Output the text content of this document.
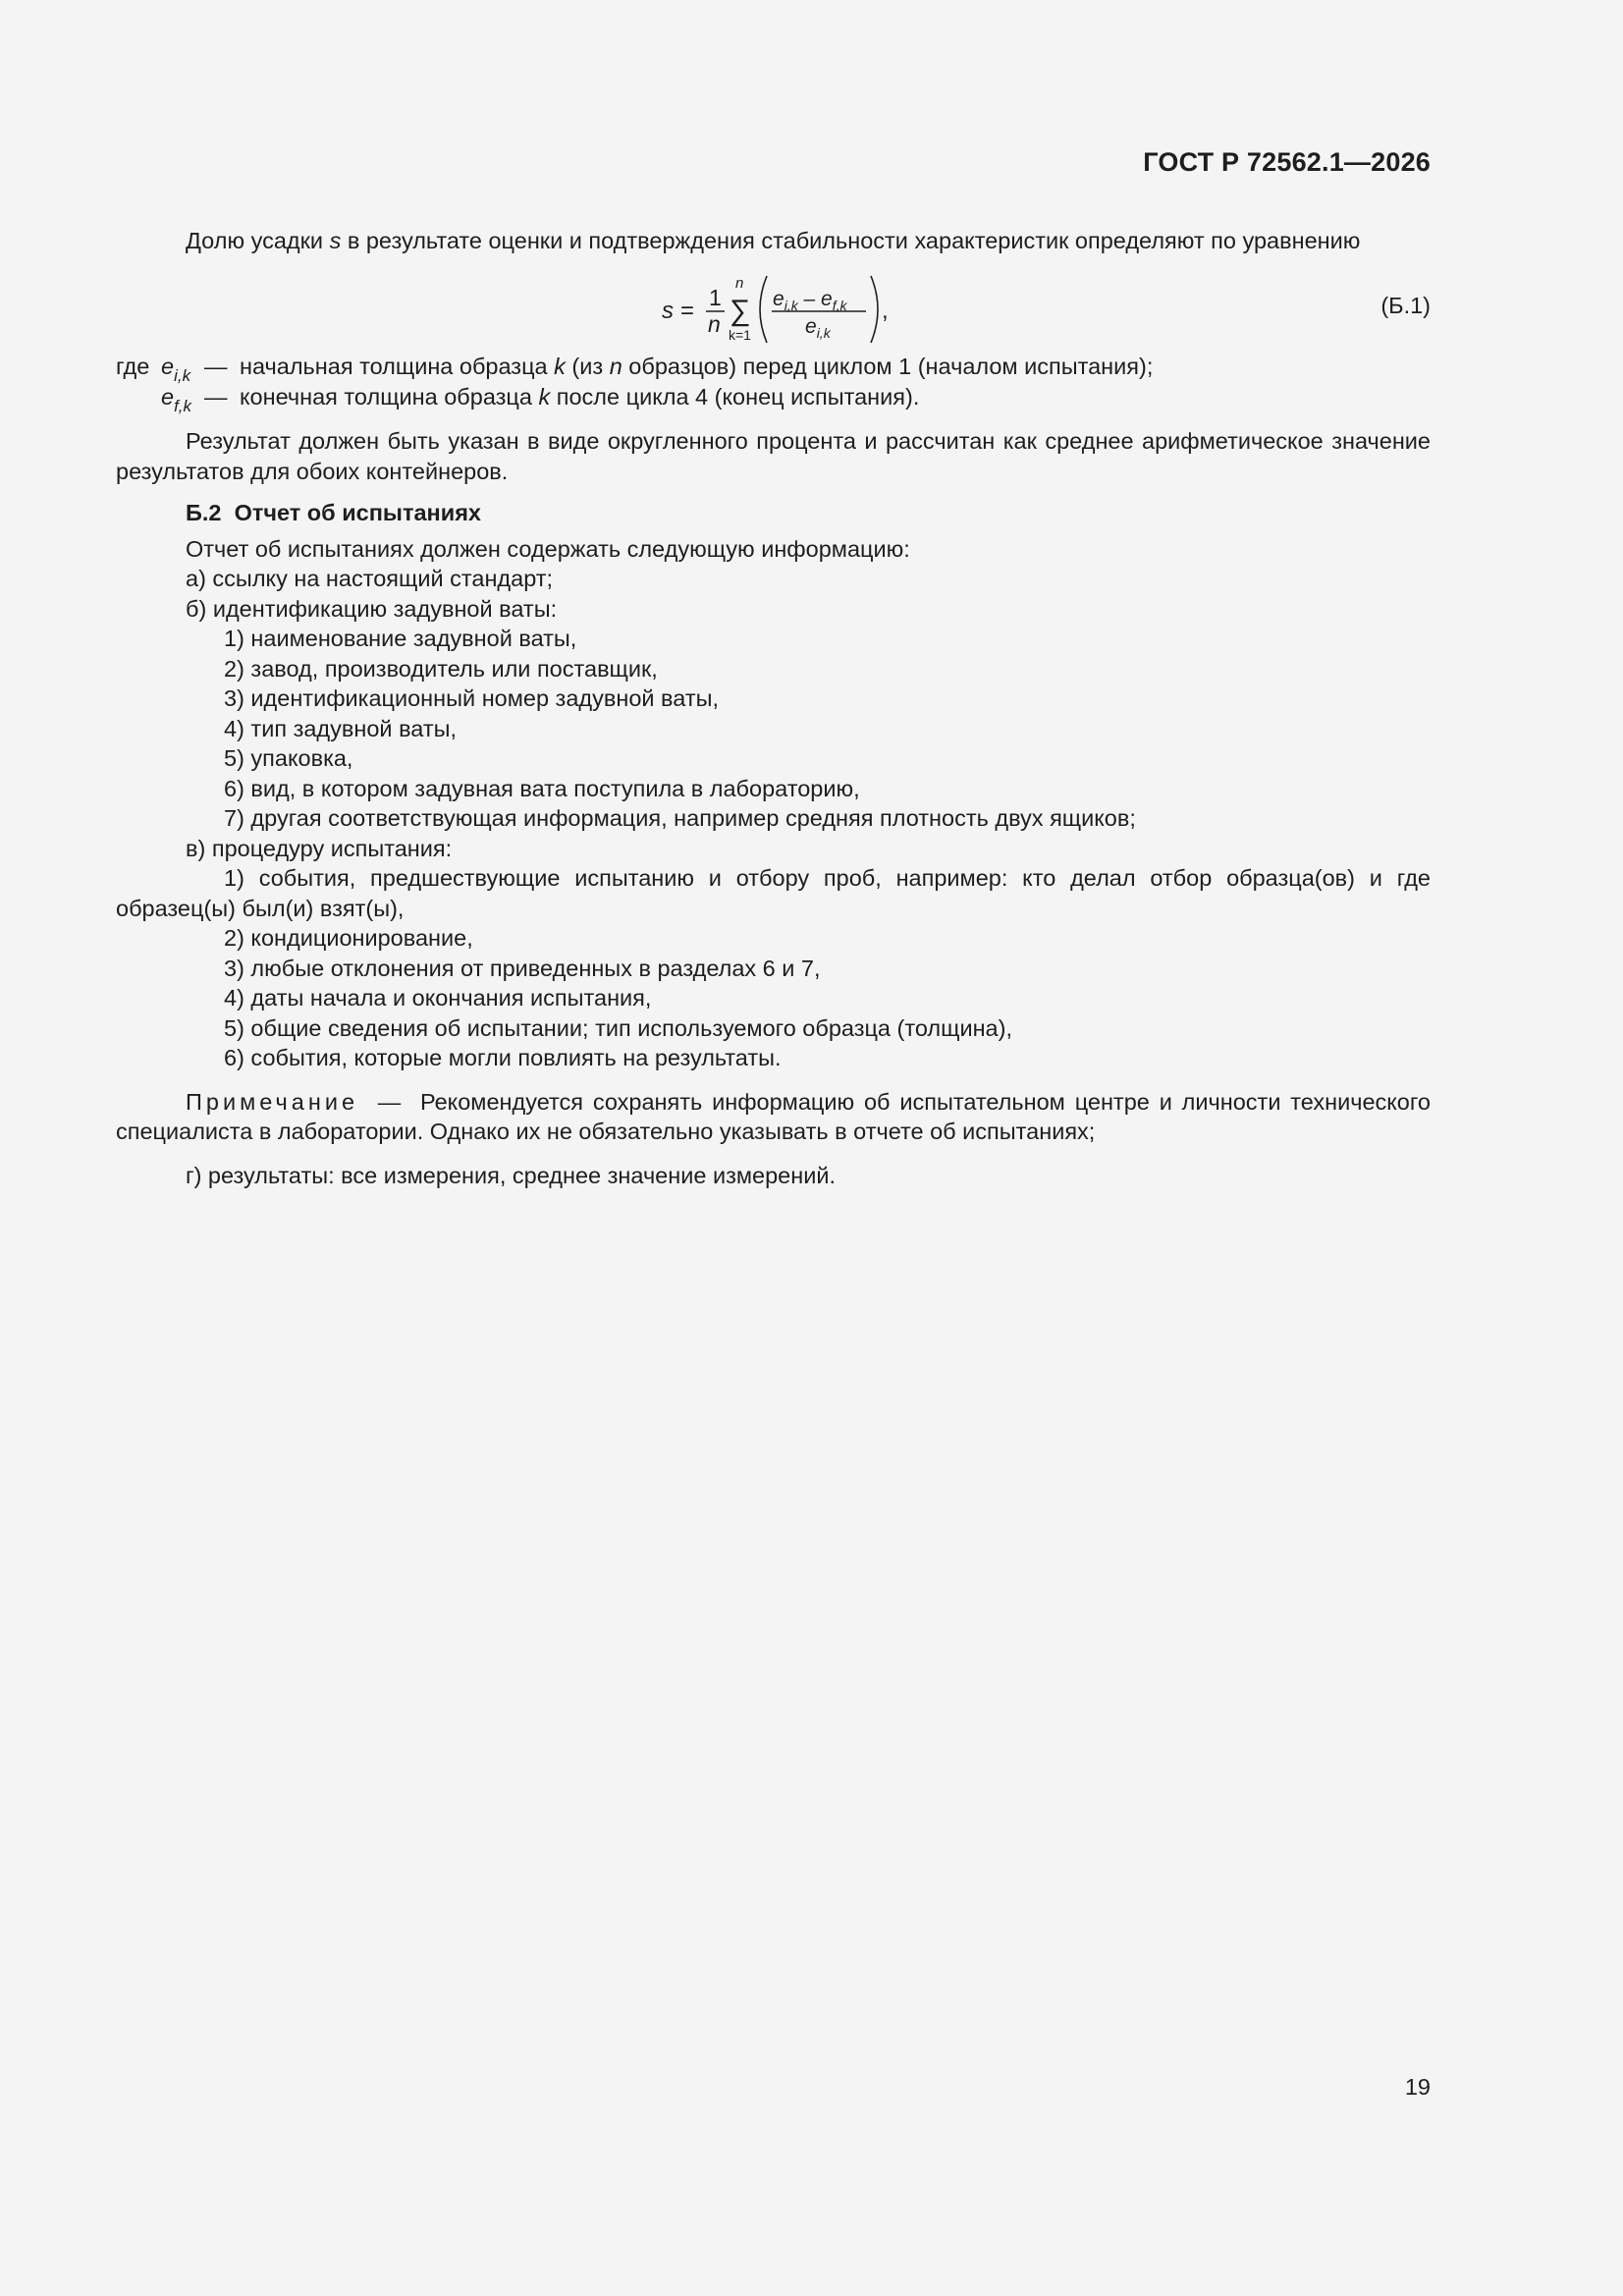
ГОСТ Р 72562.1—2026

Долю усадки s в результате оценки и подтверждения стабильности характеристик определяют по уравнению

s = 1
n
n
∑
k=1
$e_{i,k} - e_{f,k}$
$e_{i,k}$
,	(Б.1)
где $e_{i,k}$ — начальная толщина образца k (из n образцов) перед циклом 1 (началом испытания);
$e_{f,k}$ — конечная толщина образца k после цикла 4 (конец испытания).

Результат должен быть указан в виде округленного процента и рассчитан как среднее арифметическое значение результатов для обоих контейнеров.

Б.2 Отчет об испытаниях

Отчет об испытаниях должен содержать следующую информацию:

а) ссылку на настоящий стандарт;

б) идентификацию задувной ваты:

1) наименование задувной ваты,

2) завод, производитель или поставщик,

3) идентификационный номер задувной ваты,

4) тип задувной ваты,

5) упаковка,

6) вид, в котором задувная вата поступила в лабораторию,

7) другая соответствующая информация, например средняя плотность двух ящиков;

в) процедуру испытания:

1) события, предшествующие испытанию и отбору проб, например: кто делал отбор образца(ов) и где образец(ы) был(и) взят(ы),

2) кондиционирование,

3) любые отклонения от приведенных в разделах 6 и 7,

4) даты начала и окончания испытания,

5) общие сведения об испытании; тип используемого образца (толщина),

6) события, которые могли повлиять на результаты.

Примечание — Рекомендуется сохранять информацию об испытательном центре и личности технического специалиста в лаборатории. Однако их не обязательно указывать в отчете об испытаниях;

г) результаты: все измерения, среднее значение измерений.

19
